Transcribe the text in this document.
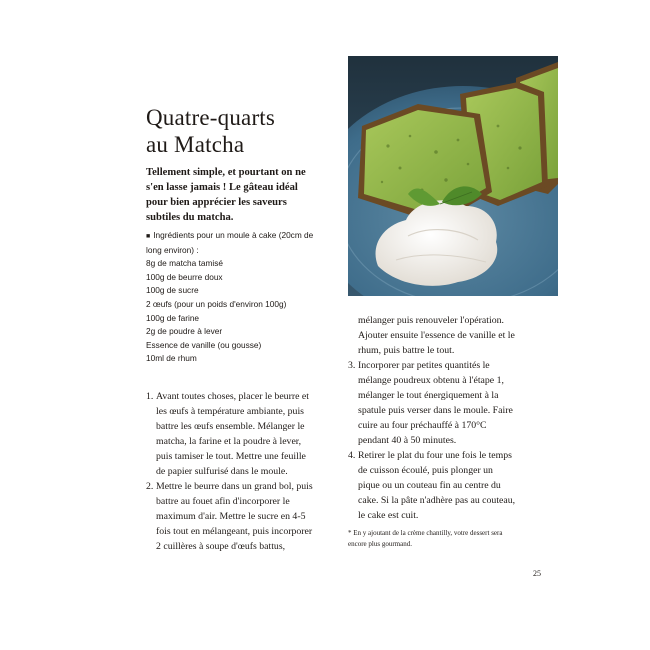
Quatre-quarts
au Matcha

Tellement simple, et pourtant on ne s'en lasse jamais ! Le gâteau idéal pour bien apprécier les saveurs subtiles du matcha.

■ Ingrédients pour un moule à cake (20cm de long environ) :
8g de matcha tamisé
100g de beurre doux
100g de sucre
2 œufs (pour un poids d'environ 100g)
100g de farine
2g de poudre à lever
Essence de vanille (ou gousse)
10ml de rhum
1. Avant toutes choses, placer le beurre et les œufs à température ambiante, puis battre les œufs ensemble. Mélanger le matcha, la farine et la poudre à lever, puis tamiser le tout. Mettre une feuille de papier sulfurisé dans le moule.
2. Mettre le beurre dans un grand bol, puis battre au fouet afin d'incorporer le maximum d'air. Mettre le sucre en 4-5 fois tout en mélangeant, puis incorporer 2 cuillères à soupe d'œufs battus,
mélanger puis renouveler l'opération. Ajouter ensuite l'essence de vanille et le rhum, puis battre le tout.
3. Incorporer par petites quantités le mélange poudreux obtenu à l'étape 1, mélanger le tout énergiquement à la spatule puis verser dans le moule. Faire cuire au four préchauffé à 170°C pendant 40 à 50 minutes.
4. Retirer le plat du four une fois le temps de cuisson écoulé, puis plonger un pique ou un couteau fin au centre du cake. Si la pâte n'adhère pas au couteau, le cake est cuit.

* En y ajoutant de la crème chantilly, votre dessert sera encore plus gourmand.

25
